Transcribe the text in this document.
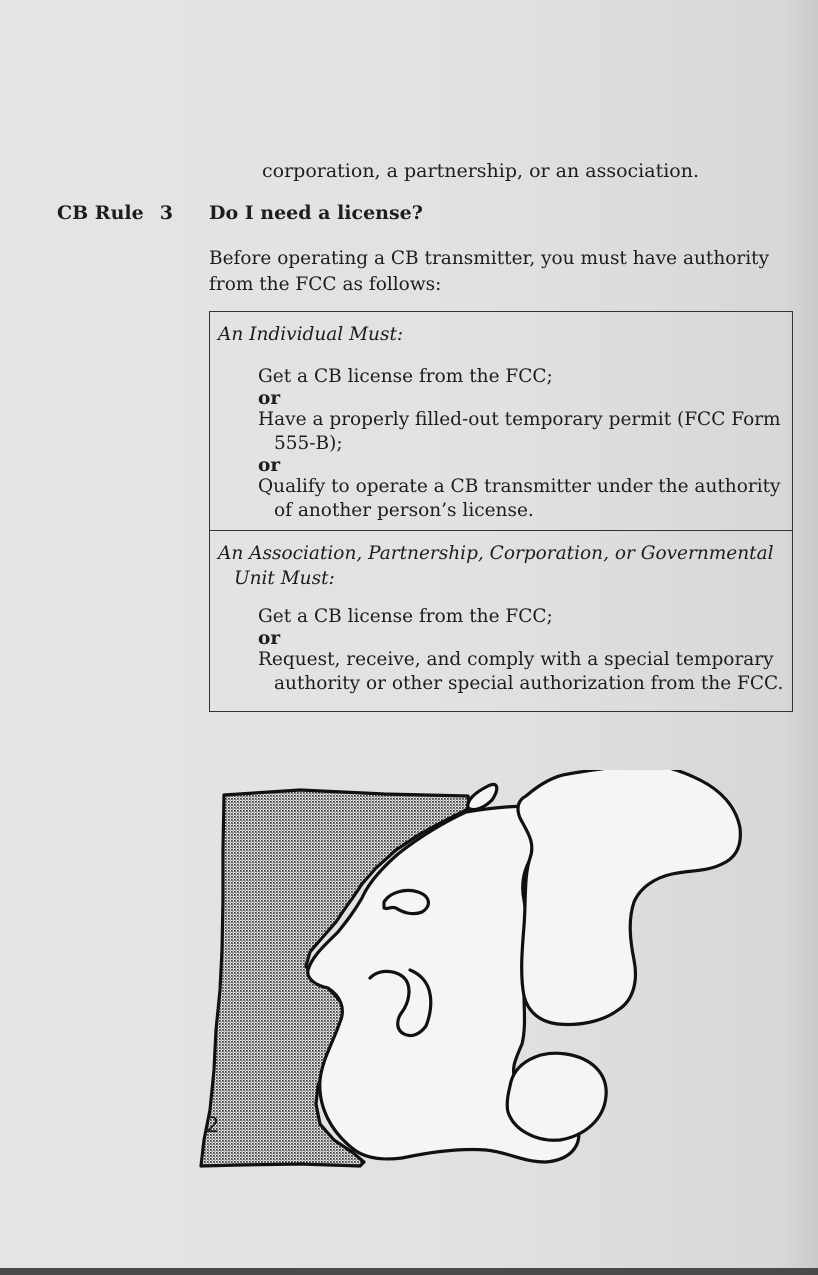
corporation, a partnership, or an association.
CB Rule 3 Do I need a license?
Before operating a CB transmitter, you must have authority from the FCC as follows:
An Individual Must:
Get a CB license from the FCC;
or
Have a properly filled-out temporary permit (FCC Form 555-B);
or
Qualify to operate a CB transmitter under the authority of another person’s license.
An Association, Partnership, Corporation, or Governmental Unit Must:
Get a CB license from the FCC;
or
Request, receive, and comply with a special temporary authority or other special authorization from the FCC.
2
